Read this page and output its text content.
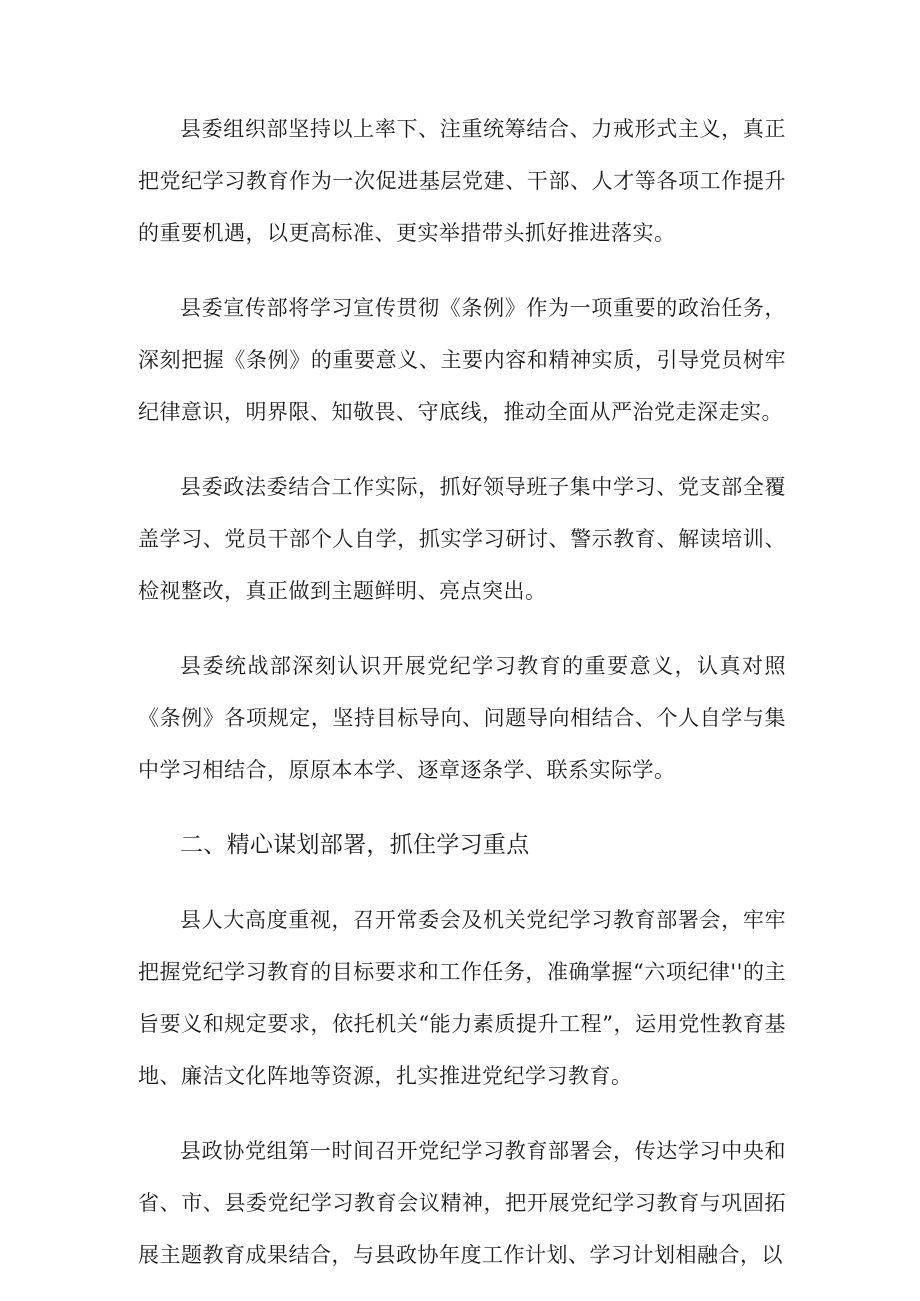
县委组织部坚持以上率下、注重统筹结合、力戒形式主义，真正把党纪学习教育作为一次促进基层党建、干部、人才等各项工作提升的重要机遇，以更高标准、更实举措带头抓好推进落实。

县委宣传部将学习宣传贯彻《条例》作为一项重要的政治任务，深刻把握《条例》的重要意义、主要内容和精神实质，引导党员树牢纪律意识，明界限、知敬畏、守底线，推动全面从严治党走深走实。

县委政法委结合工作实际，抓好领导班子集中学习、党支部全覆盖学习、党员干部个人自学，抓实学习研讨、警示教育、解读培训、检视整改，真正做到主题鲜明、亮点突出。

县委统战部深刻认识开展党纪学习教育的重要意义，认真对照《条例》各项规定，坚持目标导向、问题导向相结合、个人自学与集中学习相结合，原原本本学、逐章逐条学、联系实际学。

二、精心谋划部署，抓住学习重点

县人大高度重视，召开常委会及机关党纪学习教育部署会，牢牢把握党纪学习教育的目标要求和工作任务，准确掌握“六项纪律''的主旨要义和规定要求，依托机关“能力素质提升工程”，运用党性教育基地、廉洁文化阵地等资源，扎实推进党纪学习教育。

县政协党组第一时间召开党纪学习教育部署会，传达学习中央和省、市、县委党纪学习教育会议精神，把开展党纪学习教育与巩固拓展主题教育成果结合，与县政协年度工作计划、学习计划相融合，以
